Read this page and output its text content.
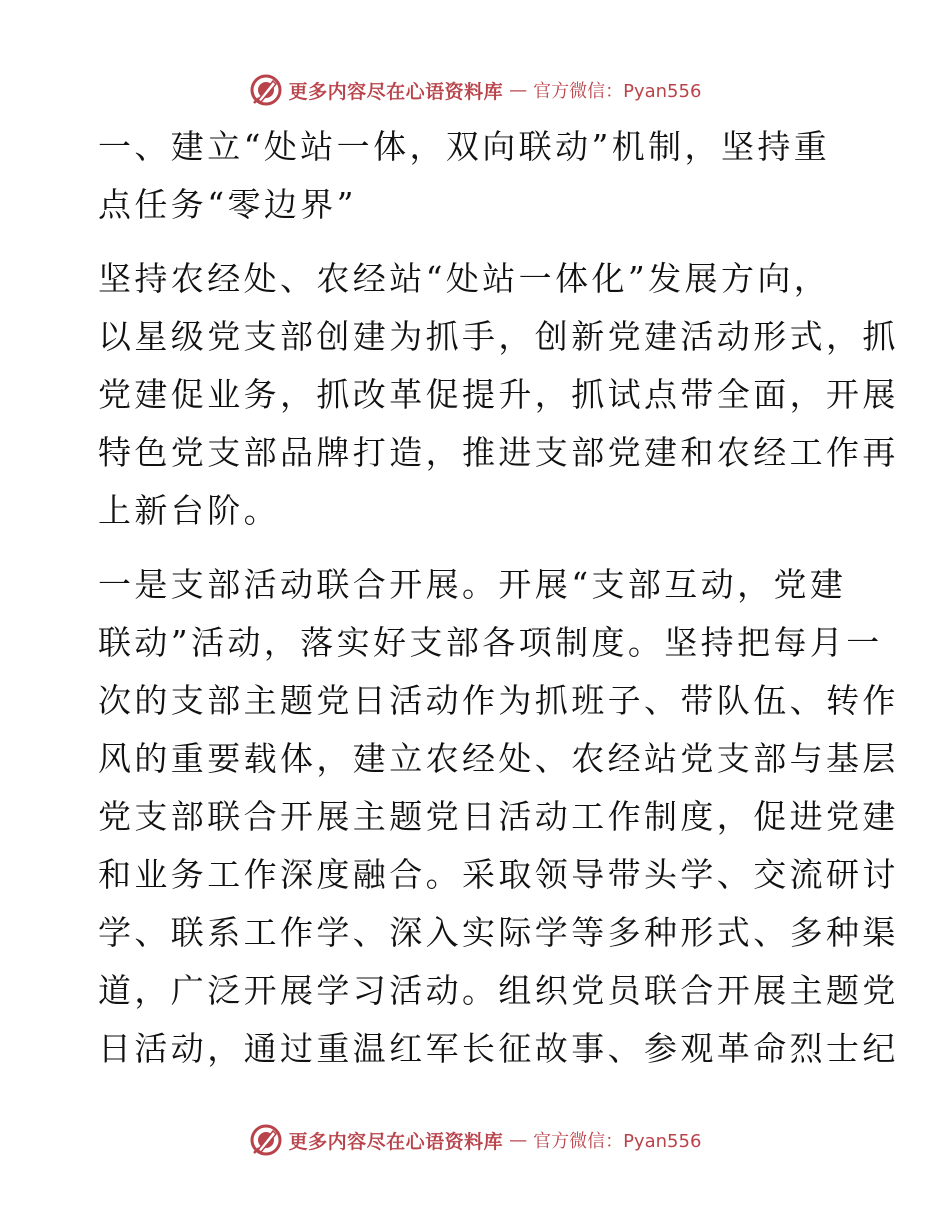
更多内容尽在心语资料库 — 官方微信：Pyan556
一、建立“处站一体，双向联动”机制，坚持重
点任务“零边界”
坚持农经处、农经站“处站一体化”发展方向，
以星级党支部创建为抓手，创新党建活动形式，抓
党建促业务，抓改革促提升，抓试点带全面，开展
特色党支部品牌打造，推进支部党建和农经工作再
上新台阶。
一是支部活动联合开展。开展“支部互动，党建
联动”活动，落实好支部各项制度。坚持把每月一
次的支部主题党日活动作为抓班子、带队伍、转作
风的重要载体，建立农经处、农经站党支部与基层
党支部联合开展主题党日活动工作制度，促进党建
和业务工作深度融合。采取领导带头学、交流研讨
学、联系工作学、深入实际学等多种形式、多种渠
道，广泛开展学习活动。组织党员联合开展主题党
日活动，通过重温红军长征故事、参观革命烈士纪
更多内容尽在心语资料库 — 官方微信：Pyan556
